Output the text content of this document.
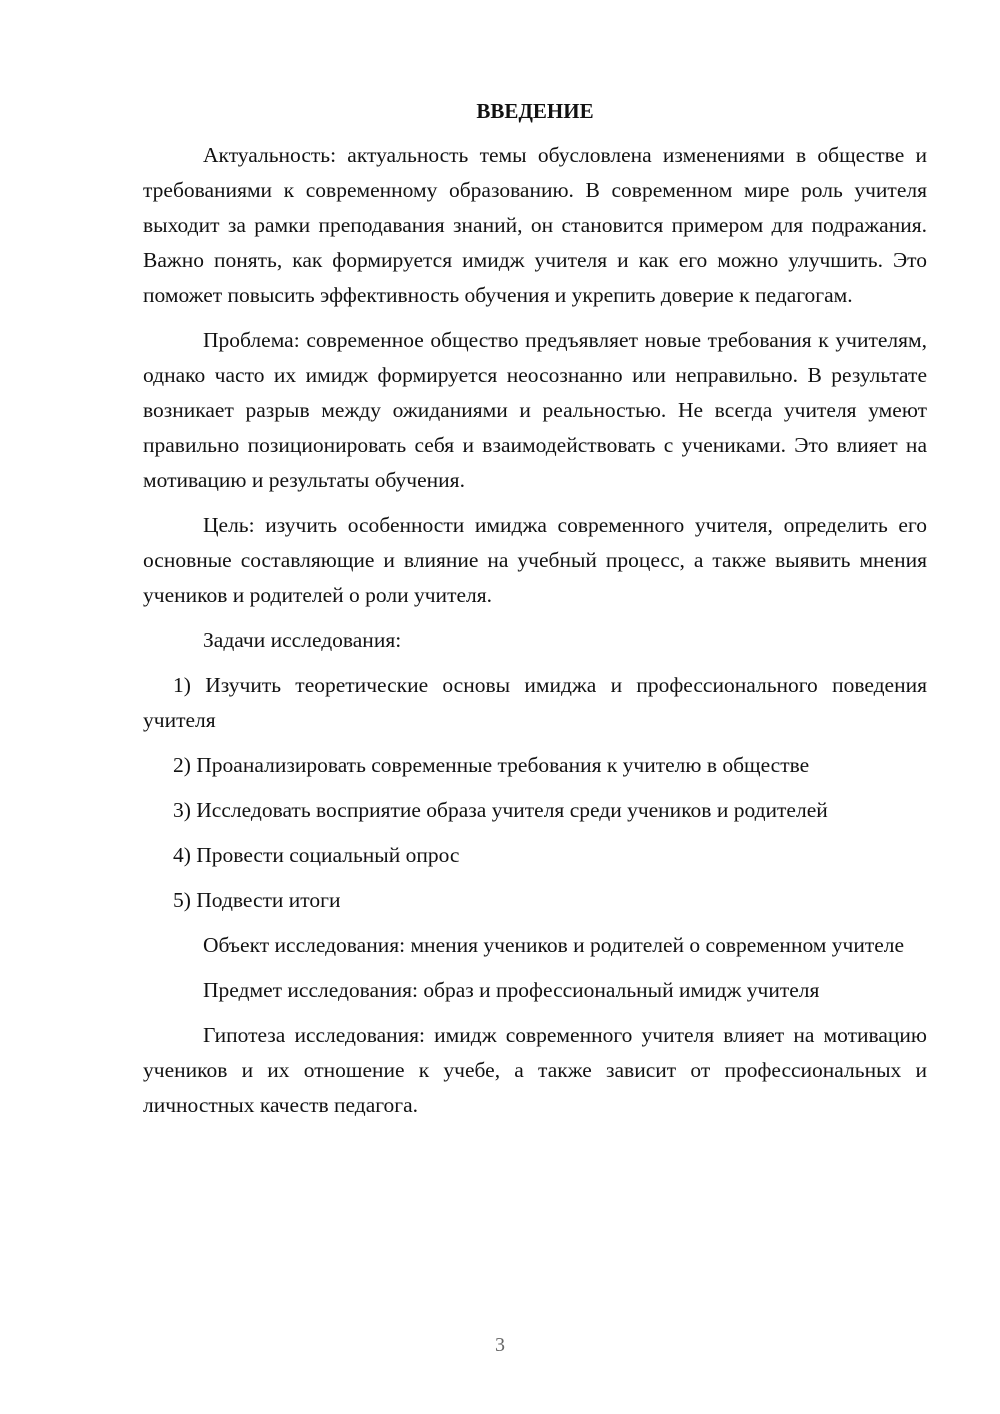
ВВЕДЕНИЕ

Актуальность: актуальность темы обусловлена изменениями в обществе и требованиями к современному образованию. В современном мире роль учителя выходит за рамки преподавания знаний, он становится примером для подражания. Важно понять, как формируется имидж учителя и как его можно улучшить. Это поможет повысить эффективность обучения и укрепить доверие к педагогам.

Проблема: современное общество предъявляет новые требования к учителям, однако часто их имидж формируется неосознанно или неправильно. В результате возникает разрыв между ожиданиями и реальностью. Не всегда учителя умеют правильно позиционировать себя и взаимодействовать с учениками. Это влияет на мотивацию и результаты обучения.

Цель: изучить особенности имиджа современного учителя, определить его основные составляющие и влияние на учебный процесс, а также выявить мнения учеников и родителей о роли учителя.

Задачи исследования:

1) Изучить теоретические основы имиджа и профессионального поведения учителя

2) Проанализировать современные требования к учителю в обществе

3) Исследовать восприятие образа учителя среди учеников и родителей

4) Провести социальный опрос

5) Подвести итоги

Объект исследования: мнения учеников и родителей о современном учителе

Предмет исследования: образ и профессиональный имидж учителя

Гипотеза исследования: имидж современного учителя влияет на мотивацию учеников и их отношение к учебе, а также зависит от профессиональных и личностных качеств педагога.

3
